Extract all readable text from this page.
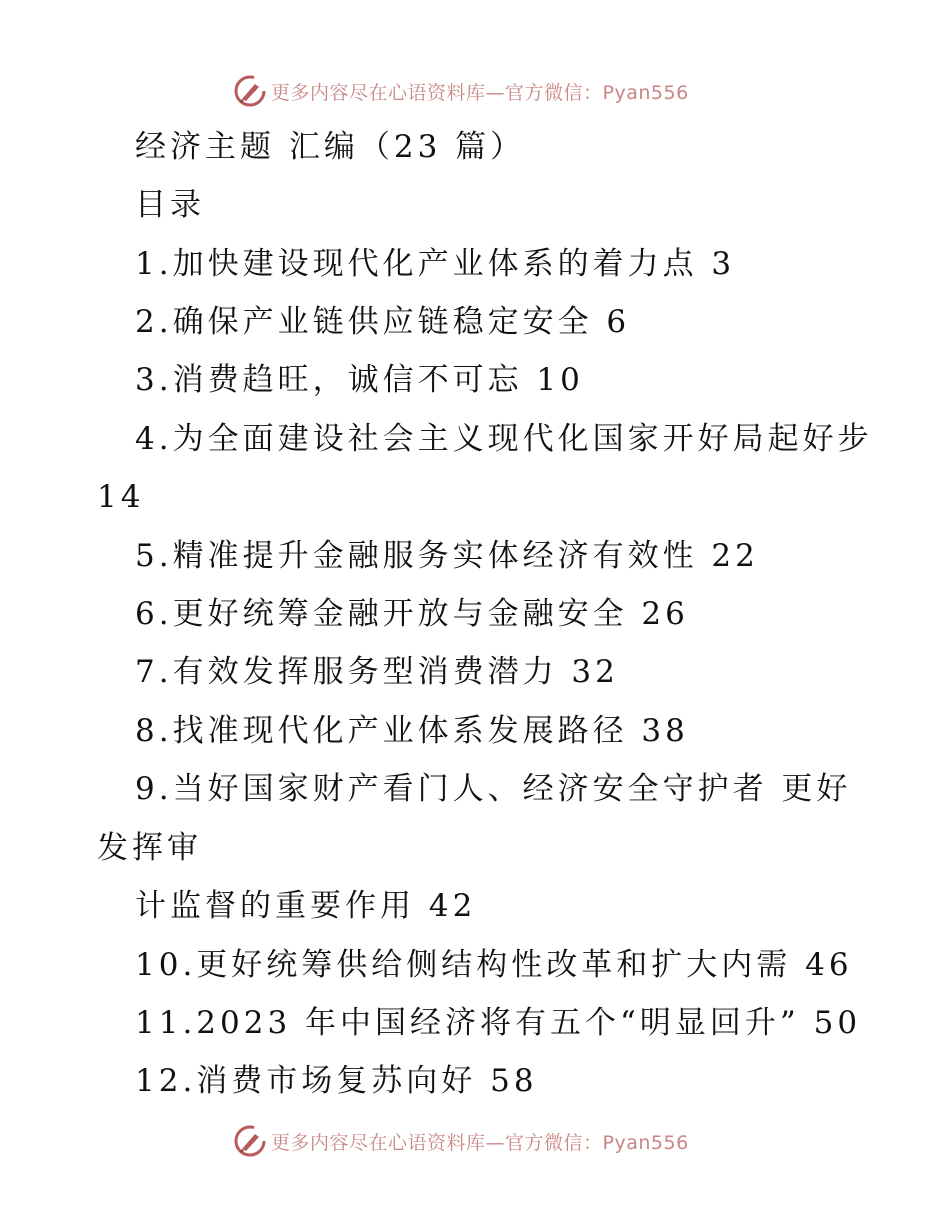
更多内容尽在心语资料库—官方微信：Pyan556
经济主题 汇编（23 篇）
目录
1.加快建设现代化产业体系的着力点 3
2.确保产业链供应链稳定安全 6
3.消费趋旺，诚信不可忘 10
4.为全面建设社会主义现代化国家开好局起好步
14
5.精准提升金融服务实体经济有效性 22
6.更好统筹金融开放与金融安全 26
7.有效发挥服务型消费潜力 32
8.找准现代化产业体系发展路径 38
9.当好国家财产看门人、经济安全守护者 更好
发挥审
计监督的重要作用 42
10.更好统筹供给侧结构性改革和扩大内需 46
11.2023 年中国经济将有五个“明显回升” 50
12.消费市场复苏向好 58
更多内容尽在心语资料库—官方微信：Pyan556
